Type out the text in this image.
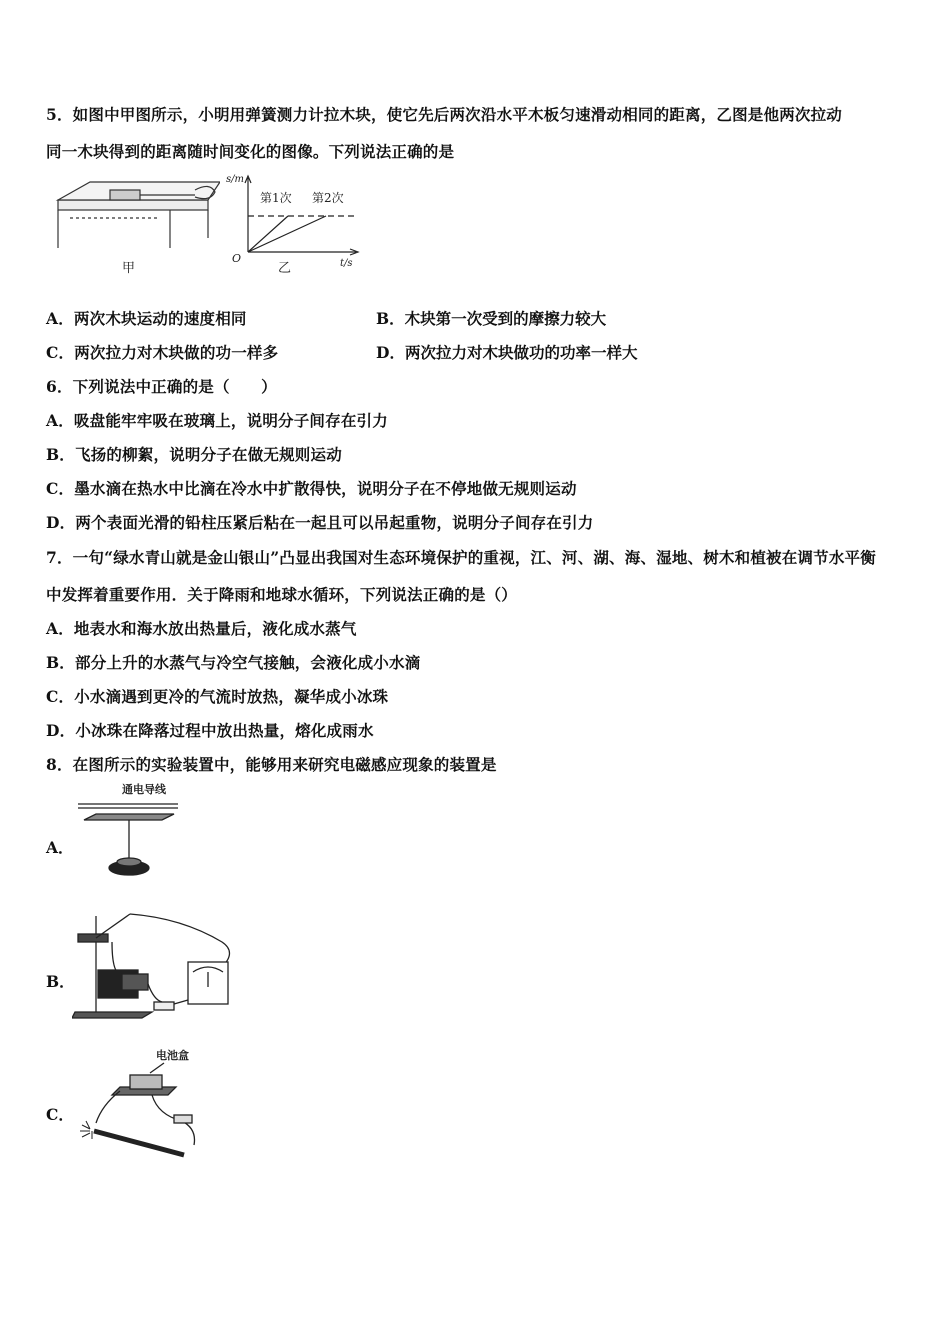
5．如图中甲图所示，小明用弹簧测力计拉木块，使它先后两次沿水平木板匀速滑动相同的距离，乙图是他两次拉动
同一木块得到的距离随时间变化的图像。下列说法正确的是
甲
s/m
第1次 第2次
O
乙	t/s
A．两次木块运动的速度相同	B．木块第一次受到的摩擦力较大
C．两次拉力对木块做的功一样多	D．两次拉力对木块做功的功率一样大
6．下列说法中正确的是（　　）
A．吸盘能牢牢吸在玻璃上，说明分子间存在引力
B．飞扬的柳絮，说明分子在做无规则运动
C．墨水滴在热水中比滴在冷水中扩散得快，说明分子在不停地做无规则运动
D．两个表面光滑的铅柱压紧后粘在一起且可以吊起重物，说明分子间存在引力
7．一句“绿水青山就是金山银山”凸显出我国对生态环境保护的重视，江、河、湖、海、湿地、树木和植被在调节水平衡
中发挥着重要作用．关于降雨和地球水循环，下列说法正确的是（）
A．地表水和海水放出热量后，液化成水蒸气
B．部分上升的水蒸气与冷空气接触，会液化成小水滴
C．小水滴遇到更冷的气流时放热，凝华成小冰珠
D．小冰珠在降落过程中放出热量，熔化成雨水
8．在图所示的实验装置中，能够用来研究电磁感应现象的装置是
A．
通电导线
B．
C．
电池盒
